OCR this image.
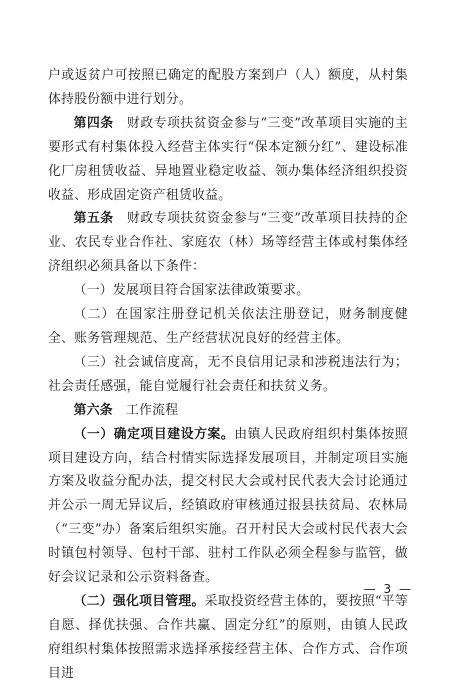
户或返贫户可按照已确定的配股方案到户（人）额度，从村集体持股份额中进行划分。

第四条　财政专项扶贫资金参与“三变”改革项目实施的主要形式有村集体投入经营主体实行“保本定额分红”、建设标准化厂房租赁收益、异地置业稳定收益、领办集体经济组织投资收益、形成固定资产租赁收益。

第五条　财政专项扶贫资金参与“三变”改革项目扶持的企业、农民专业合作社、家庭农（林）场等经营主体或村集体经济组织必须具备以下条件：

（一）发展项目符合国家法律政策要求。

（二）在国家注册登记机关依法注册登记，财务制度健全、账务管理规范、生产经营状况良好的经营主体。

（三）社会诚信度高，无不良信用记录和涉税违法行为；社会责任感强，能自觉履行社会责任和扶贫义务。

第六条　工作流程

（一）确定项目建设方案。由镇人民政府组织村集体按照项目建设方向，结合村情实际选择发展项目，并制定项目实施方案及收益分配办法，提交村民大会或村民代表大会讨论通过并公示一周无异议后，经镇政府审核通过报县扶贫局、农林局（“三变”办）备案后组织实施。召开村民大会或村民代表大会时镇包村领导、包村干部、驻村工作队必须全程参与监管，做好会议记录和公示资料备查。

（二）强化项目管理。采取投资经营主体的，要按照“平等自愿、择优扶强、合作共赢、固定分红”的原则，由镇人民政府组织村集体按照需求选择承接经营主体、合作方式、合作项目进

— 3 —
